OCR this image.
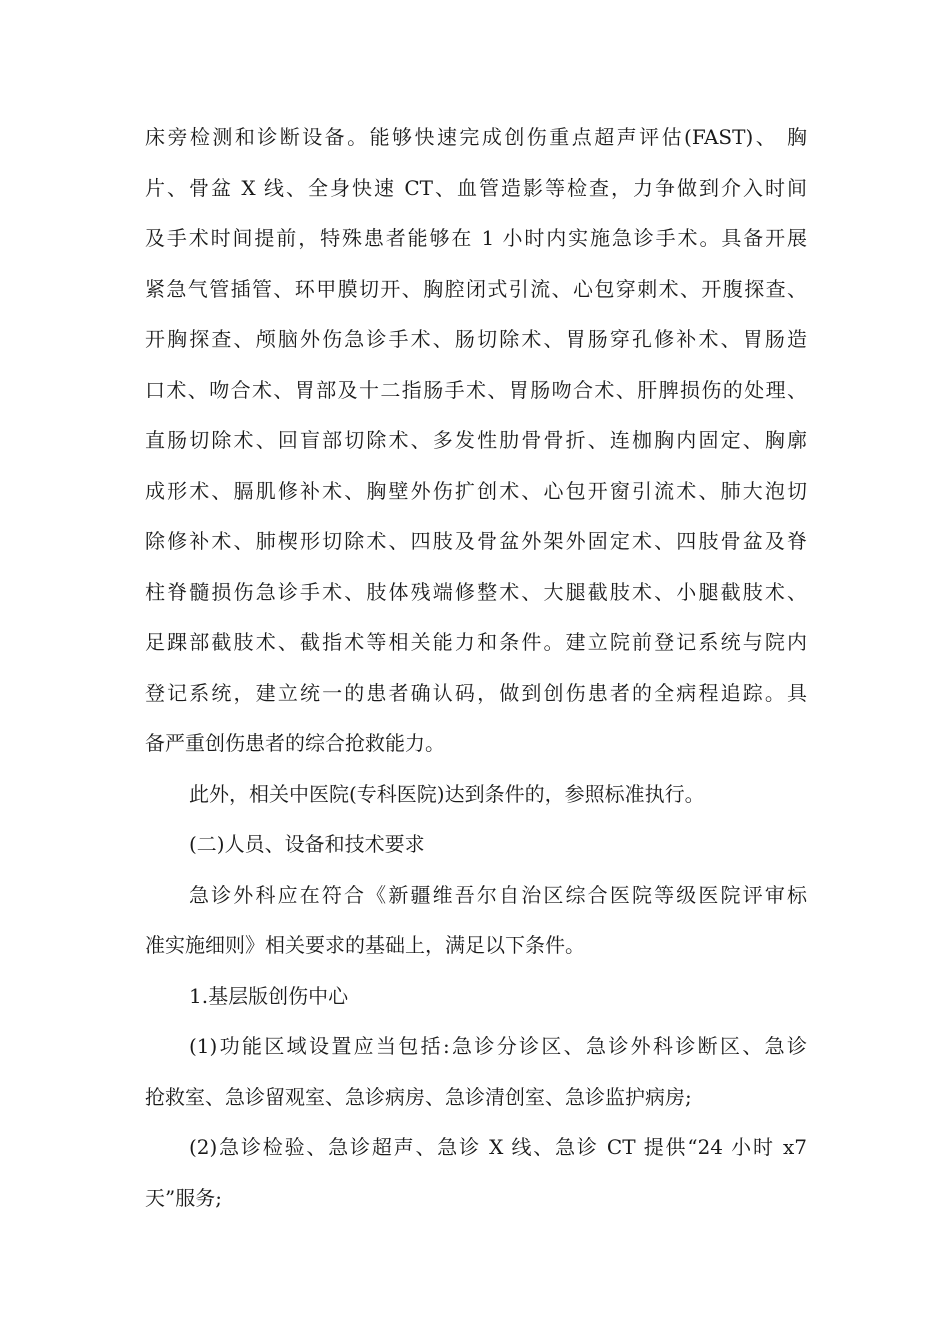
床旁检测和诊断设备。能够快速完成创伤重点超声评估(FAST)、 胸
片、骨盆 X 线、全身快速 CT、血管造影等检查，力争做到介入时间
及手术时间提前，特殊患者能够在 1 小时内实施急诊手术。具备开展
紧急气管插管、环甲膜切开、胸腔闭式引流、心包穿刺术、开腹探查、
开胸探查、颅脑外伤急诊手术、肠切除术、胃肠穿孔修补术、胃肠造
口术、吻合术、胃部及十二指肠手术、胃肠吻合术、肝脾损伤的处理、
直肠切除术、回盲部切除术、多发性肋骨骨折、连枷胸内固定、胸廓
成形术、膈肌修补术、胸壁外伤扩创术、心包开窗引流术、肺大泡切
除修补术、肺楔形切除术、四肢及骨盆外架外固定术、四肢骨盆及脊
柱脊髓损伤急诊手术、肢体残端修整术、大腿截肢术、小腿截肢术、
足踝部截肢术、截指术等相关能力和条件。建立院前登记系统与院内
登记系统，建立统一的患者确认码，做到创伤患者的全病程追踪。具
备严重创伤患者的综合抢救能力。
此外，相关中医院(专科医院)达到条件的，参照标准执行。
(二)人员、设备和技术要求
急诊外科应在符合《新疆维吾尔自治区综合医院等级医院评审标
准实施细则》相关要求的基础上，满足以下条件。
1.基层版创伤中心
(1)功能区域设置应当包括:急诊分诊区、急诊外科诊断区、急诊
抢救室、急诊留观室、急诊病房、急诊清创室、急诊监护病房;
(2)急诊检验、急诊超声、急诊 X 线、急诊 CT 提供“24 小时 x7
天”服务;
